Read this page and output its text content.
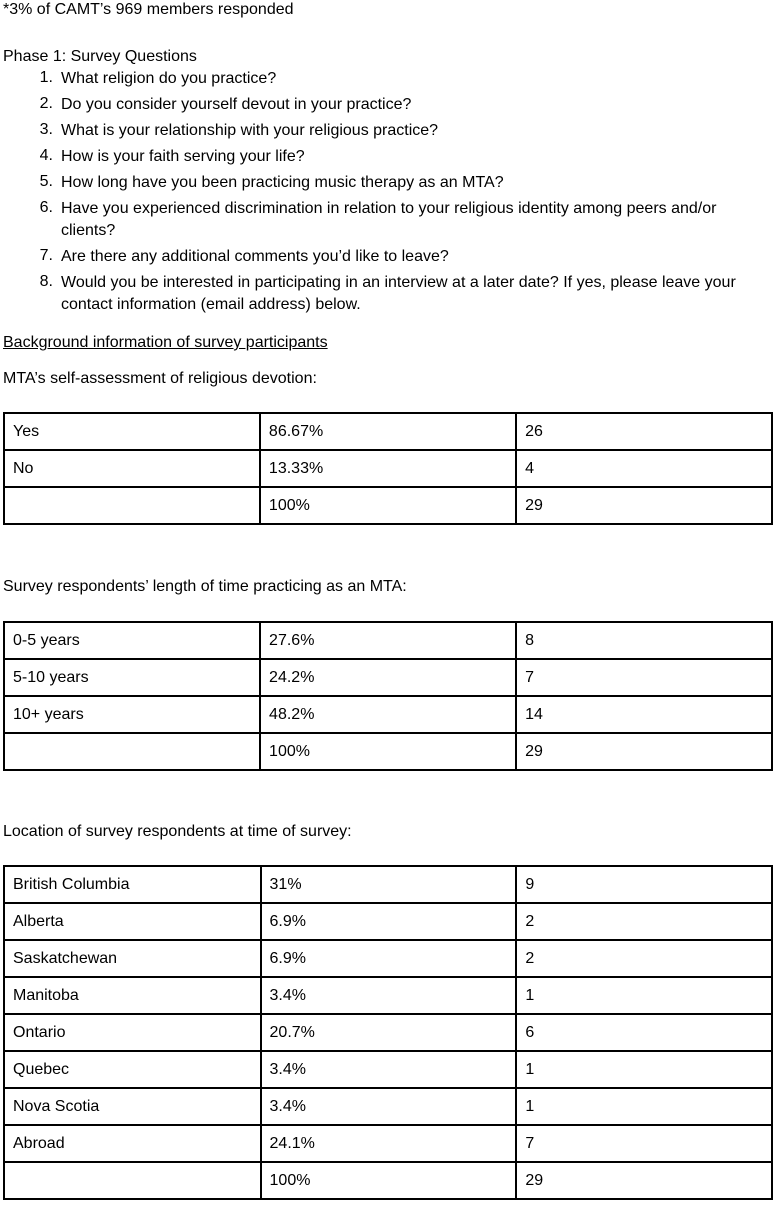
*3% of CAMT’s 969 members responded

Phase 1: Survey Questions

1. What religion do you practice?
2. Do you consider yourself devout in your practice?
3. What is your relationship with your religious practice?
4. How is your faith serving your life?
5. How long have you been practicing music therapy as an MTA?
6. Have you experienced discrimination in relation to your religious identity among peers and/or clients?
7. Are there any additional comments you’d like to leave?
8. Would you be interested in participating in an interview at a later date? If yes, please leave your contact information (email address) below.

Background information of survey participants

MTA’s self-assessment of religious devotion:

Yes	86.67%	26
No	13.33%	4
	100%	29

Survey respondents’ length of time practicing as an MTA:

0-5 years	27.6%	8
5-10 years	24.2%	7
10+ years	48.2%	14
	100%	29

Location of survey respondents at time of survey:

British Columbia	31%	9
Alberta	6.9%	2
Saskatchewan	6.9%	2
Manitoba	3.4%	1
Ontario	20.7%	6
Quebec	3.4%	1
Nova Scotia	3.4%	1
Abroad	24.1%	7
	100%	29
